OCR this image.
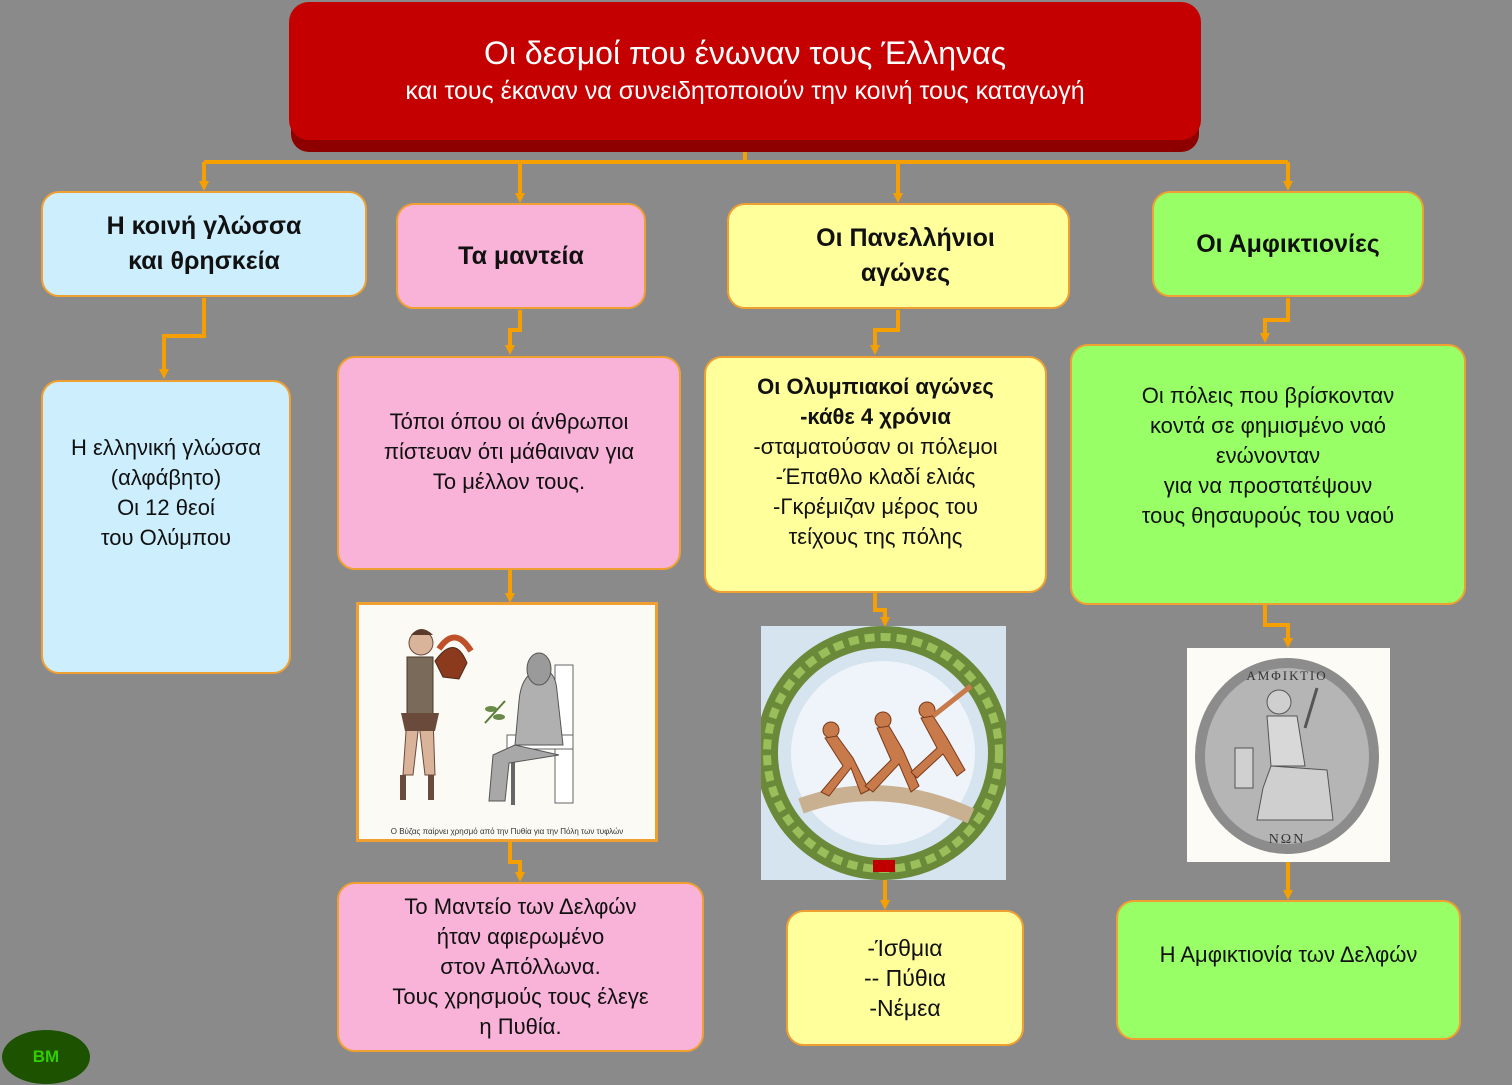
Οι δεσμοί που ένωναν τους Έλληνας
και τους έκαναν να συνειδητοποιούν την κοινή τους καταγωγή
Η κοινή γλώσσα
και θρησκεία
Η ελληνική γλώσσα
(αλφάβητο)
Οι 12 θεοί
του Ολύμπου
Τα μαντεία
Τόποι όπου οι άνθρωποι
πίστευαν ότι μάθαιναν για
Το μέλλον τους.
Ο Βύζας παίρνει χρησμό από την Πυθία για την Πόλη των τυφλών
Το Μαντείο των Δελφών
ήταν αφιερωμένο
στον Απόλλωνα.
Τους χρησμούς τους έλεγε
η Πυθία.
Οι Πανελλήνιοι
αγώνες
Οι Ολυμπιακοί αγώνες
-κάθε 4 χρόνια
-σταματούσαν οι πόλεμοι
-Έπαθλο κλαδί ελιάς
-Γκρέμιζαν μέρος του
τείχους της πόλης
-Ίσθμια
-- Πύθια
-Νέμεα
Οι Αμφικτιονίες
Οι πόλεις που βρίσκονταν
κοντά σε φημισμένο ναό
ενώνονταν
για να προστατέψουν
τους θησαυρούς του ναού
ΑΜΦΙΚΤΙΟ
ΝΩΝ
Η Αμφικτιονία των Δελφών
BM
